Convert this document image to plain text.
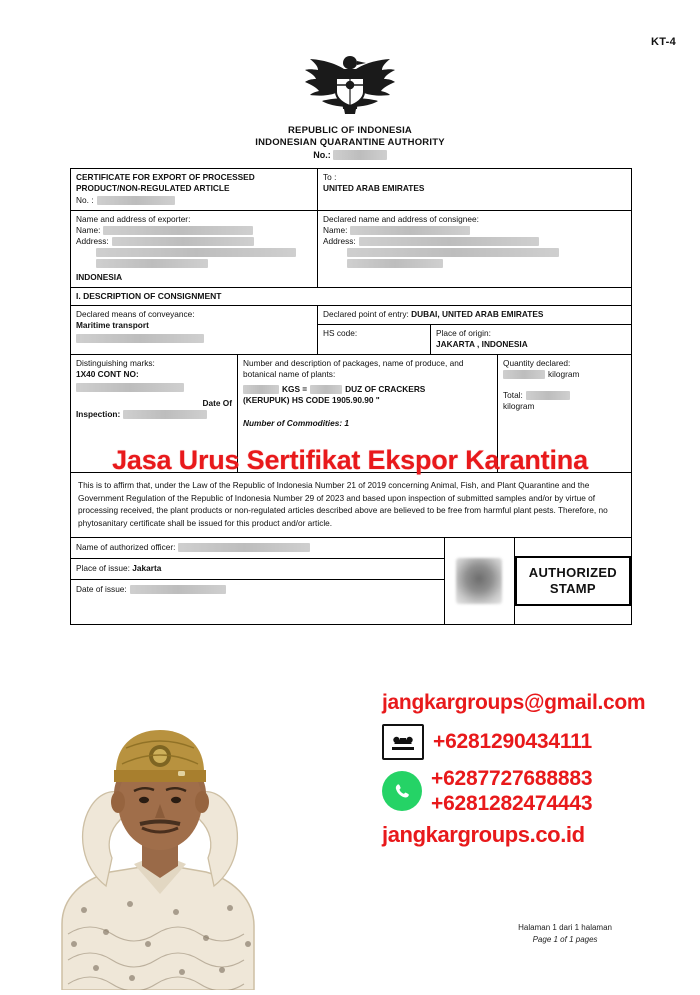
KT-4
REPUBLIC OF INDONESIA
INDONESIAN QUARANTINE AUTHORITY
No.:
CERTIFICATE FOR EXPORT OF PROCESSED
PRODUCT/NON-REGULATED ARTICLE
No. :
To :
UNITED ARAB EMIRATES
Name and address of exporter:
Name:
Address:
INDONESIA
Declared name and address of consignee:
Name:
Address:
I. DESCRIPTION OF CONSIGNMENT
Declared means of conveyance:
Maritime transport
Declared point of entry: DUBAI, UNITED ARAB EMIRATES
HS code:	Place of origin:
JAKARTA , INDONESIA
Distinguishing marks:
1X40 CONT NO:
Date Of
Inspection:
Number and description of packages, name of produce, and
botanical name of plants:
KGS =	DUZ OF CRACKERS
(KERUPUK) HS CODE 1905.90.90 "
Number of Commodities: 1
Quantity declared:
kilogram
Total:
kilogram
This is to affirm that, under the Law of the Republic of Indonesia Number 21 of 2019 concerning Animal, Fish, and Plant Quarantine and the Government Regulation of the Republic of Indonesia Number 29 of 2023 and based upon inspection of submitted samples and/or by virtue of processing received, the plant products or non-regulated articles described above are believed to be free from harmful plant pests. Therefore, no phytosanitary certificate shall be issued for this product and/or article.
Name of authorized officer:
Place of issue: Jakarta
Date of issue:
AUTHORIZED
STAMP
Jasa Urus Sertifikat Ekspor Karantina
jangkargroups@gmail.com
+6281290434111
+6287727688883
+6281282474443
jangkargroups.co.id
Halaman 1 dari 1 halaman
Page 1 of 1 pages
